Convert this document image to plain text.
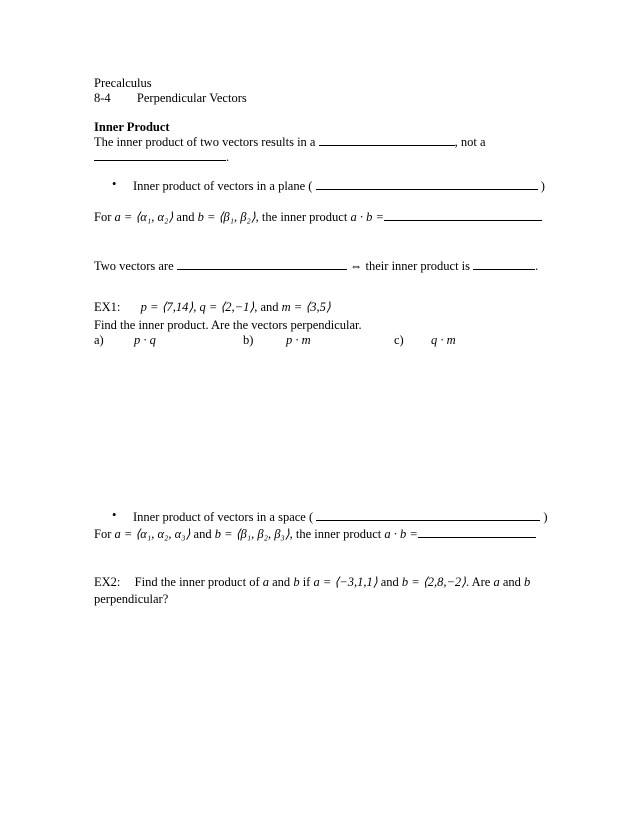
Precalculus
8-4 Perpendicular Vectors
Inner Product
The inner product of two vectors results in a	, not a
.
• Inner product of vectors in a plane (	)
For a = ⟨α₁, α₂⟩ and b = ⟨β₁, β₂⟩, the inner product a · b =
Two vectors are	⇔ their inner product is	.
EX1: p = ⟨7,14⟩, q = ⟨2,−1⟩, and m = ⟨3,5⟩
Find the inner product. Are the vectors perpendicular.
a) p · q	b)	p · m	c) q · m
• Inner product of vectors in a space (	)
For a = ⟨α₁, α₂, α₃⟩ and b = ⟨β₁, β₂, β₃⟩, the inner product a · b =
EX2: Find the inner product of a and b if a = ⟨−3,1,1⟩ and b = ⟨2,8,−2⟩. Are a and b
perpendicular?
